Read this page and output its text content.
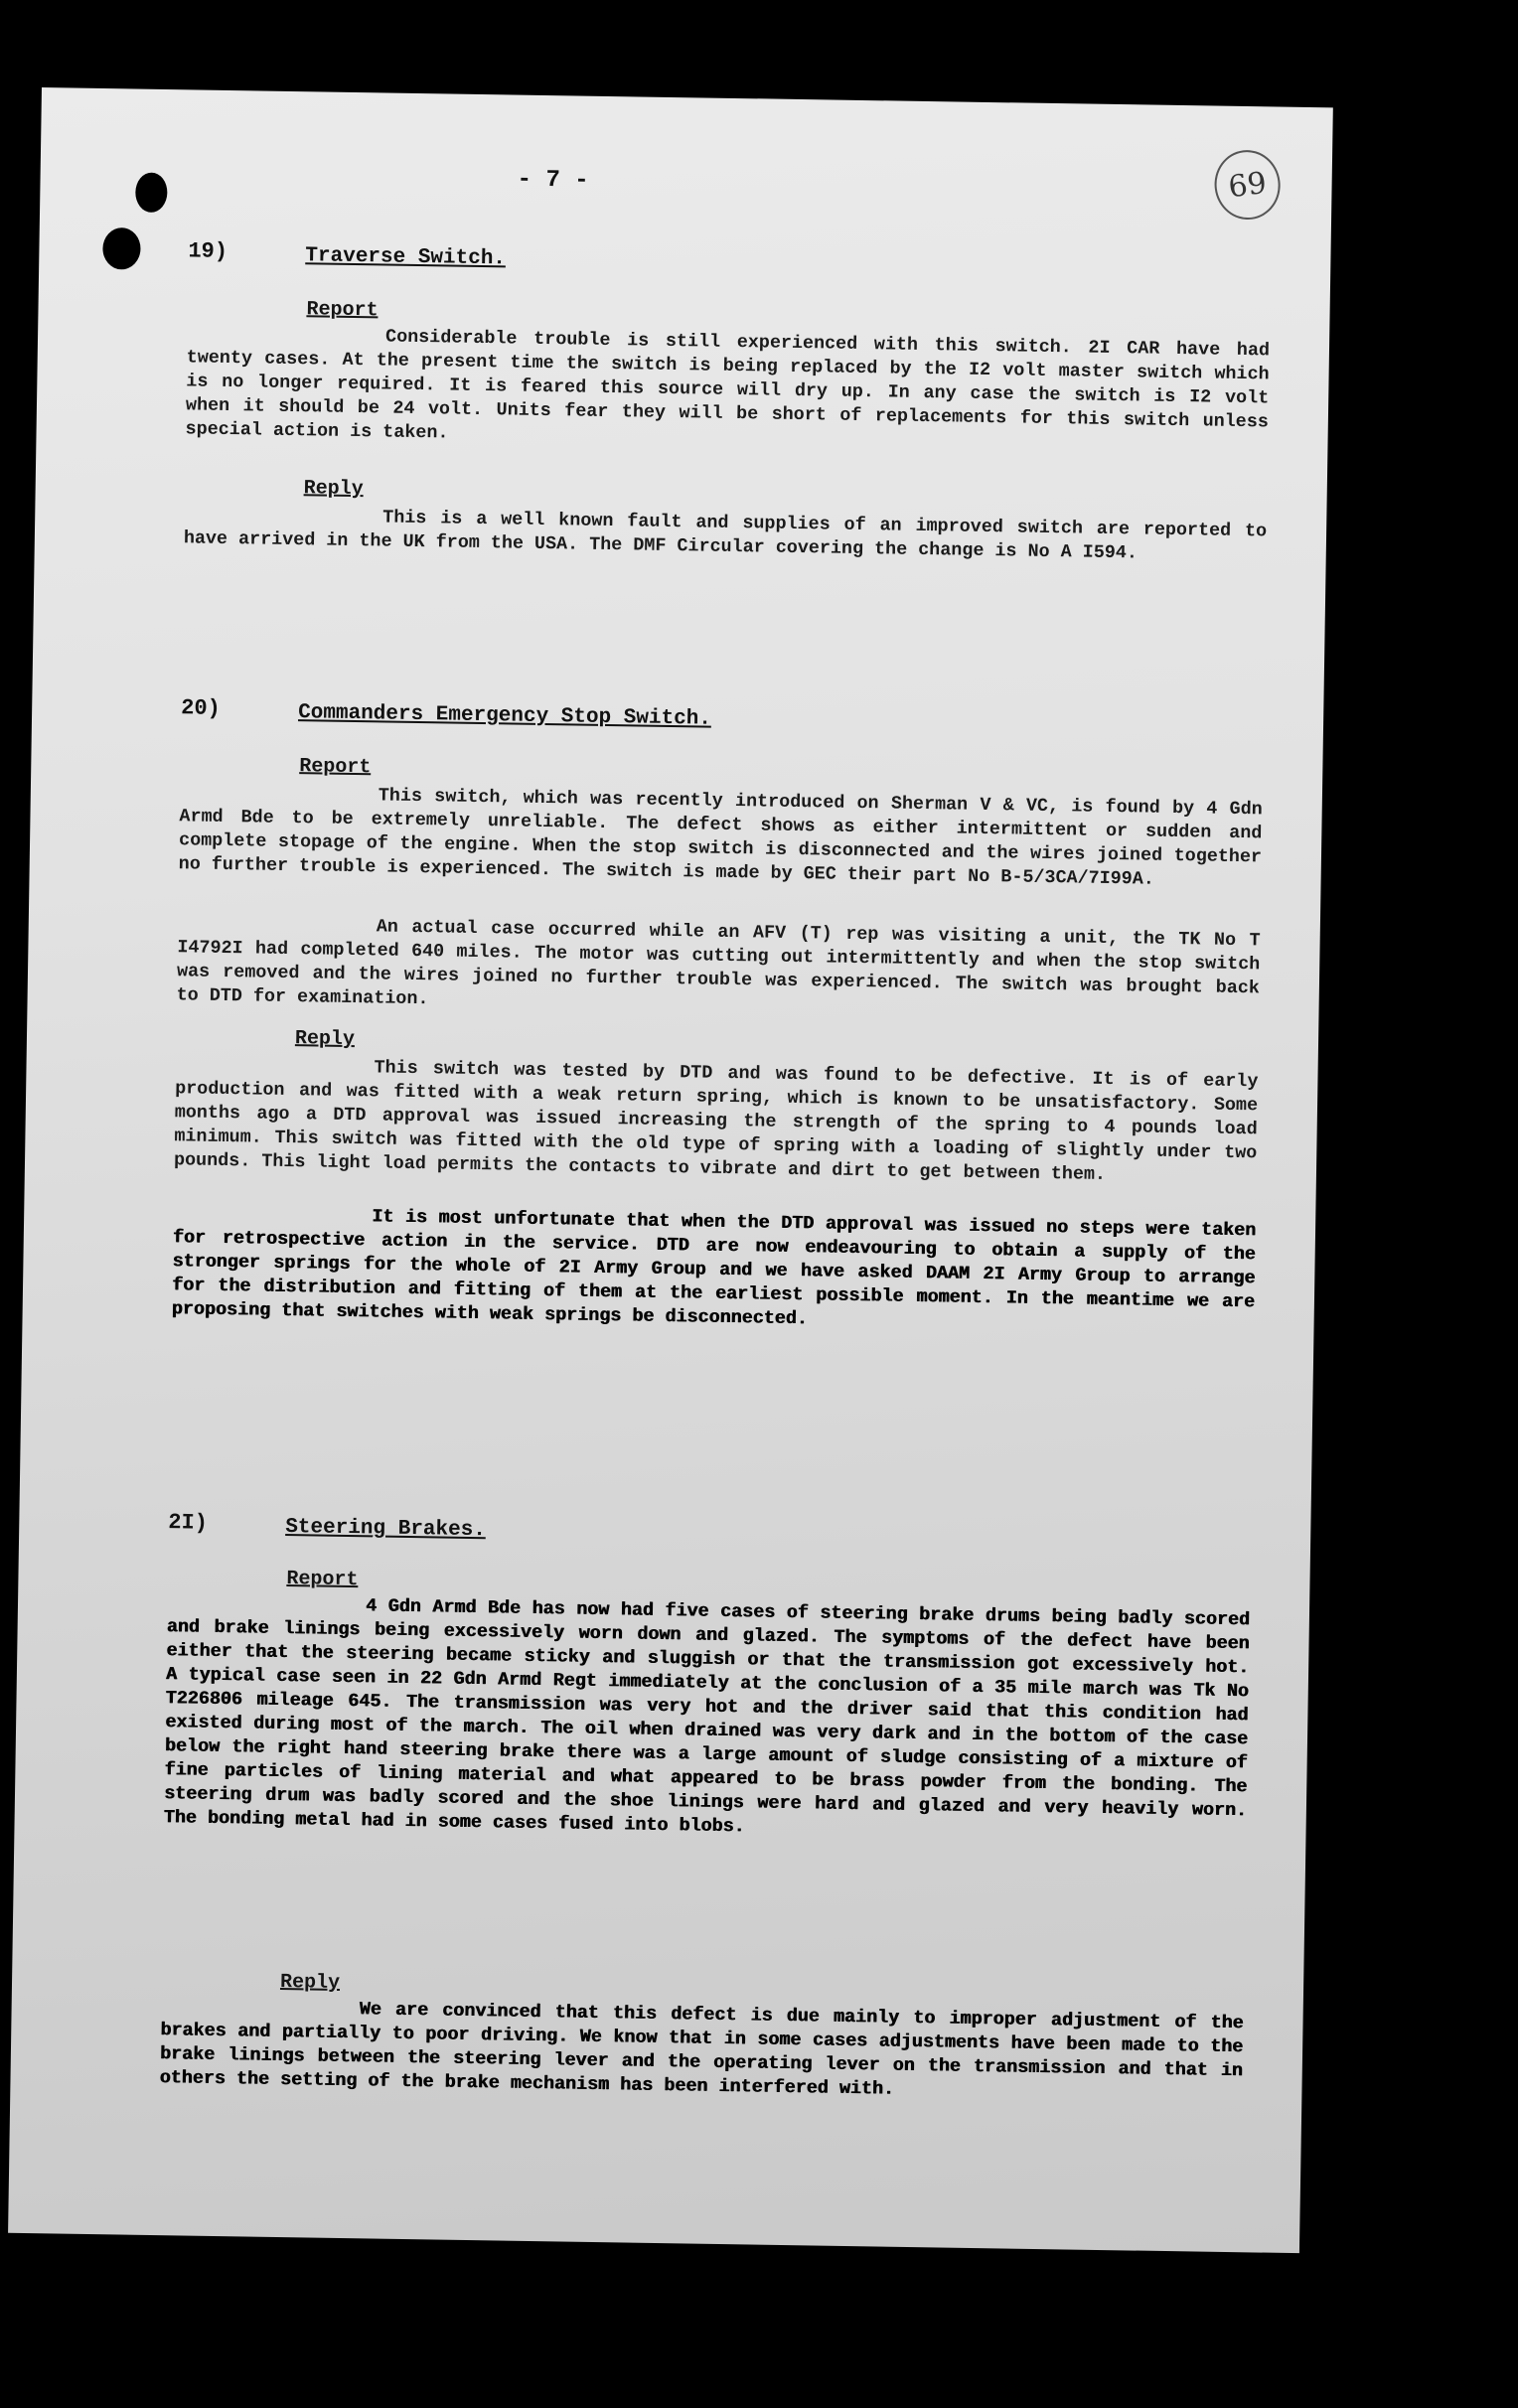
69
- 7 -
19)	Traverse Switch.
Report

Considerable trouble is still experienced with this switch. 2I CAR have had twenty cases. At the present time the switch is being replaced by the I2 volt master switch which is no longer required. It is feared this source will dry up. In any case the switch is I2 volt when it should be 24 volt. Units fear they will be short of replacements for this switch unless special action is taken.

Reply

This is a well known fault and supplies of an improved switch are reported to have arrived in the UK from the USA. The DMF Circular covering the change is No A I594.

20)	Commanders Emergency Stop Switch.
Report

This switch, which was recently introduced on Sherman V & VC, is found by 4 Gdn Armd Bde to be extremely unreliable. The defect shows as either intermittent or sudden and complete stopage of the engine. When the stop switch is disconnected and the wires joined together no further trouble is experienced. The switch is made by GEC their part No B-5/3CA/7I99A.

An actual case occurred while an AFV (T) rep was visiting a unit, the TK No T I4792I had completed 640 miles. The motor was cutting out intermittently and when the stop switch was removed and the wires joined no further trouble was experienced. The switch was brought back to DTD for examination.

Reply

This switch was tested by DTD and was found to be defective. It is of early production and was fitted with a weak return spring, which is known to be unsatisfactory. Some months ago a DTD approval was issued increasing the strength of the spring to 4 pounds load minimum. This switch was fitted with the old type of spring with a loading of slightly under two pounds. This light load permits the contacts to vibrate and dirt to get between them.

It is most unfortunate that when the DTD approval was issued no steps were taken for retrospective action in the service. DTD are now endeavouring to obtain a supply of the stronger springs for the whole of 2I Army Group and we have asked DAAM 2I Army Group to arrange for the distribution and fitting of them at the earliest possible moment. In the meantime we are proposing that switches with weak springs be disconnected.

2I)	Steering Brakes.
Report

4 Gdn Armd Bde has now had five cases of steering brake drums being badly scored and brake linings being excessively worn down and glazed. The symptoms of the defect have been either that the steering became sticky and sluggish or that the transmission got excessively hot. A typical case seen in 22 Gdn Armd Regt immediately at the conclusion of a 35 mile march was Tk No T226806 mileage 645. The transmission was very hot and the driver said that this condition had existed during most of the march. The oil when drained was very dark and in the bottom of the case below the right hand steering brake there was a large amount of sludge consisting of a mixture of fine particles of lining material and what appeared to be brass powder from the bonding. The steering drum was badly scored and the shoe linings were hard and glazed and very heavily worn. The bonding metal had in some cases fused into blobs.

Reply

We are convinced that this defect is due mainly to improper adjustment of the brakes and partially to poor driving. We know that in some cases adjustments have been made to the brake linings between the steering lever and the operating lever on the transmission and that in others the setting of the brake mechanism has been interfered with.
